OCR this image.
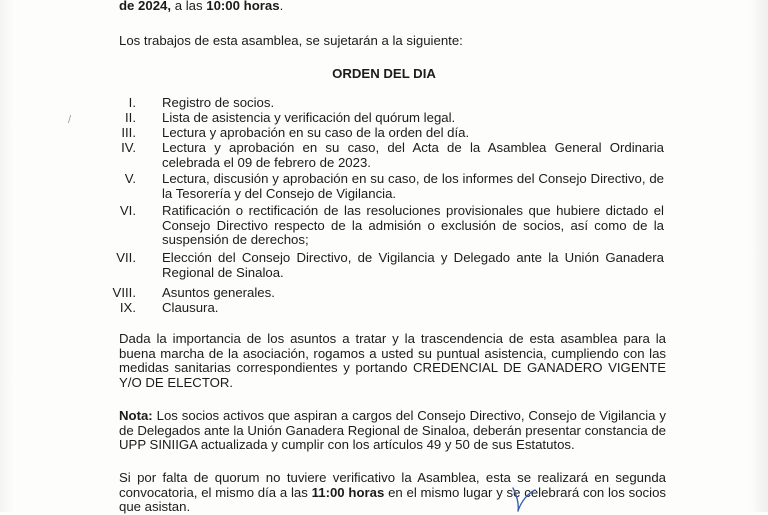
de 2024, a las 10:00 horas.
Los trabajos de esta asamblea, se sujetarán a la siguiente:
ORDEN DEL DIA
/
I. Registro de socios.
II. Lista de asistencia y verificación del quórum legal.
III. Lectura y aprobación en su caso de la orden del día.
IV. Lectura y aprobación en su caso, del Acta de la Asamblea General Ordinaria celebrada el 09 de febrero de 2023.
V. Lectura, discusión y aprobación en su caso, de los informes del Consejo Directivo, de la Tesorería y del Consejo de Vigilancia.
VI. Ratificación o rectificación de las resoluciones provisionales que hubiere dictado el Consejo Directivo respecto de la admisión o exclusión de socios, así como de la suspensión de derechos;
VII. Elección del Consejo Directivo, de Vigilancia y Delegado ante la Unión Ganadera Regional de Sinaloa.
VIII. Asuntos generales.
IX. Clausura.
Dada la importancia de los asuntos a tratar y la trascendencia de esta asamblea para la buena marcha de la asociación, rogamos a usted su puntual asistencia, cumpliendo con las medidas sanitarias correspondientes y portando CREDENCIAL DE GANADERO VIGENTE Y/O DE ELECTOR.
Nota: Los socios activos que aspiran a cargos del Consejo Directivo, Consejo de Vigilancia y de Delegados ante la Unión Ganadera Regional de Sinaloa, deberán presentar constancia de UPP SINIIGA actualizada y cumplir con los artículos 49 y 50 de sus Estatutos.
Si por falta de quorum no tuviere verificativo la Asamblea, esta se realizará en segunda convocatoria, el mismo día a las 11:00 horas en el mismo lugar y se celebrará con los socios que asistan.
